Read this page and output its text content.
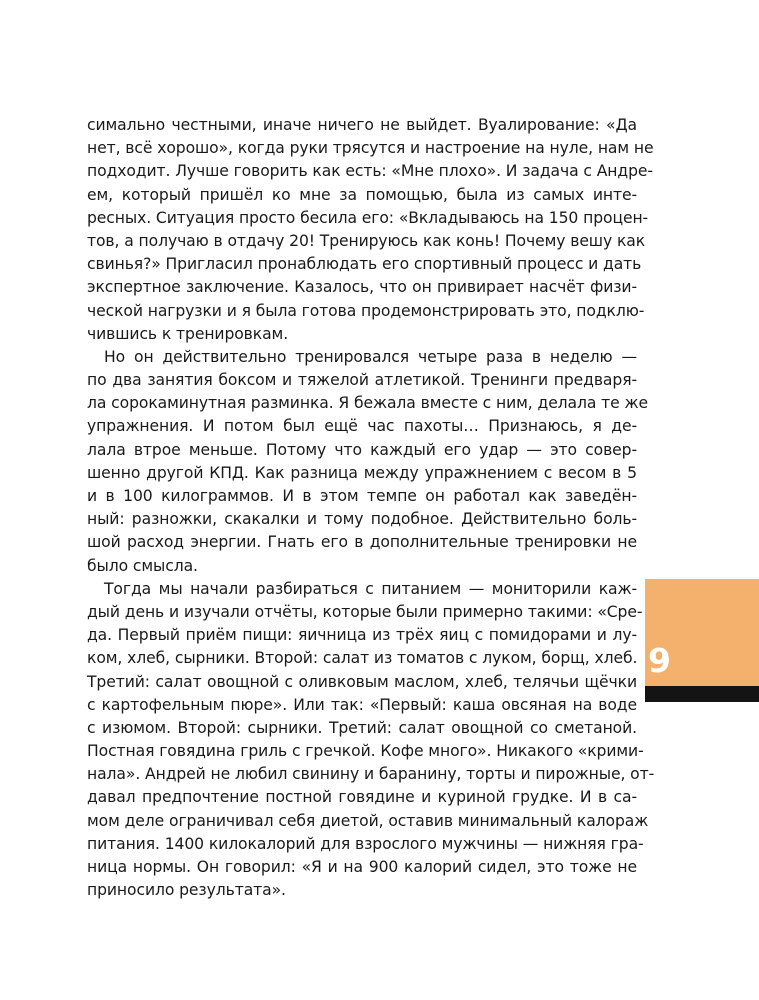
симально честными, иначе ничего не выйдет. Вуалирование: «Да
нет, всё хорошо», когда руки трясутся и настроение на нуле, нам не
подходит. Лучше говорить как есть: «Мне плохо». И задача с Андре-
ем, который пришёл ко мне за помощью, была из самых инте-
ресных. Ситуация просто бесила его: «Вкладываюсь на 150 процен-
тов, а получаю в отдачу 20! Тренируюсь как конь! Почему вешу как
свинья?» Пригласил пронаблюдать его спортивный процесс и дать
экспертное заключение. Казалось, что он привирает насчёт физи-
ческой нагрузки и я была готова продемонстрировать это, подклю-
чившись к тренировкам.
Но он действительно тренировался четыре раза в неделю —
по два занятия боксом и тяжелой атлетикой. Тренинги предваря-
ла сорокаминутная разминка. Я бежала вместе с ним, делала те же
упражнения. И потом был ещё час пахоты… Признаюсь, я де-
лала втрое меньше. Потому что каждый его удар — это совер-
шенно другой КПД. Как разница между упражнением с весом в 5
и в 100 килограммов. И в этом темпе он работал как заведён-
ный: разножки, скакалки и тому подобное. Действительно боль-
шой расход энергии. Гнать его в дополнительные тренировки не
было смысла.
Тогда мы начали разбираться с питанием — мониторили каж-
дый день и изучали отчёты, которые были примерно такими: «Сре-
да. Первый приём пищи: яичница из трёх яиц с помидорами и лу-
ком, хлеб, сырники. Второй: салат из томатов с луком, борщ, хлеб.
Третий: салат овощной с оливковым маслом, хлеб, телячьи щёчки
с картофельным пюре». Или так: «Первый: каша овсяная на воде
с изюмом. Второй: сырники. Третий: салат овощной со сметаной.
Постная говядина гриль с гречкой. Кофе много». Никакого «крими-
нала». Андрей не любил свинину и баранину, торты и пирожные, от-
давал предпочтение постной говядине и куриной грудке. И в са-
мом деле ограничивал себя диетой, оставив минимальный калораж
питания. 1400 килокалорий для взрослого мужчины — нижняя гра-
ница нормы. Он говорил: «Я и на 900 калорий сидел, это тоже не
приносило результата».
9
